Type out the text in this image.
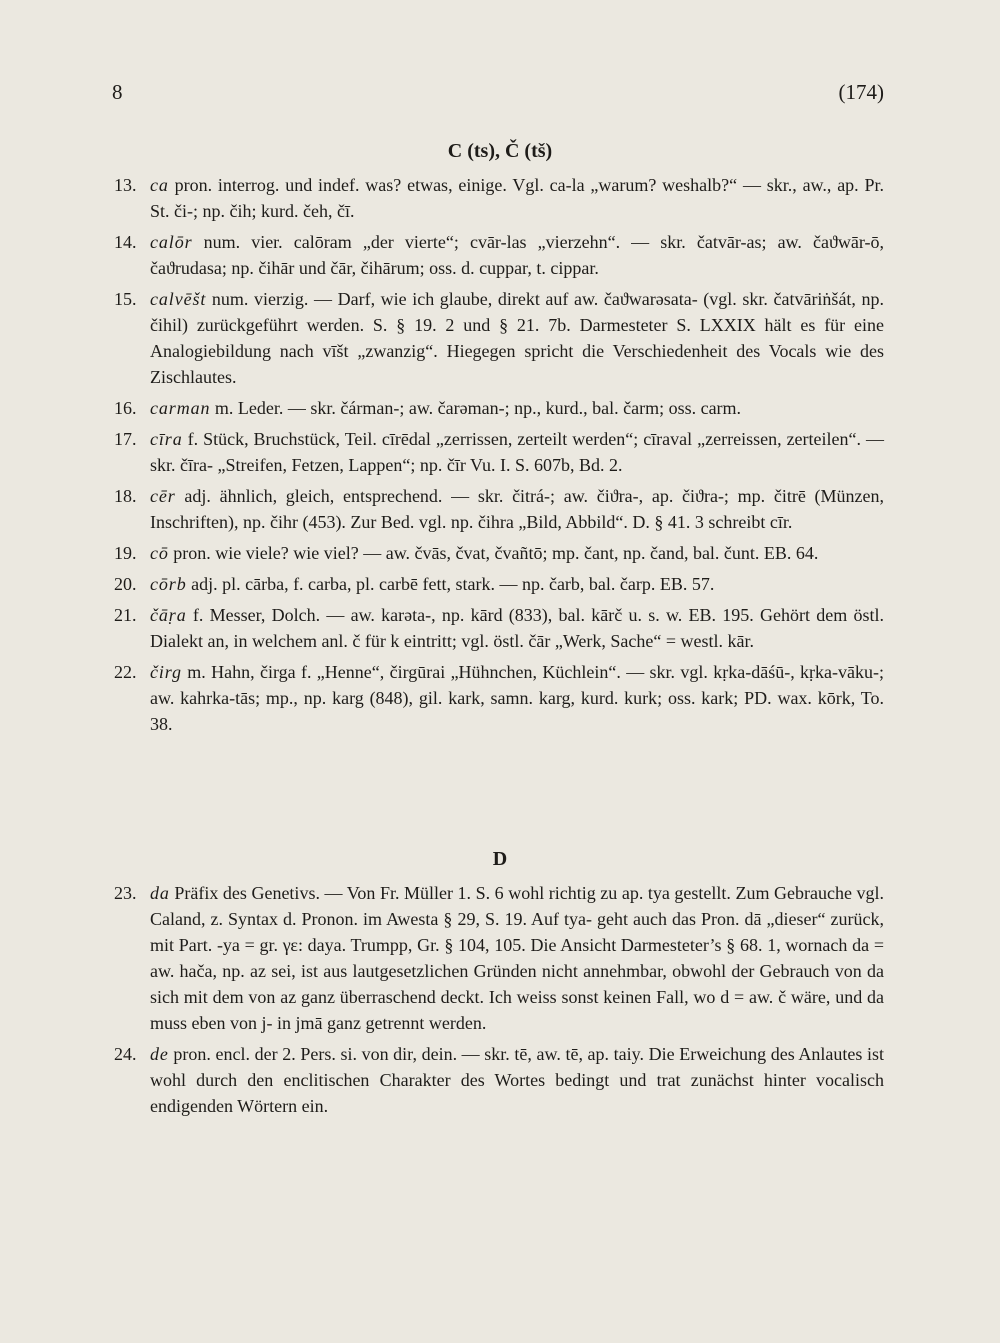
8	(174)
C (ts), Č (tš)
13. ca pron. interrog. und indef. was? etwas, einige. Vgl. ca-la „warum? weshalb?“ — skr., aw., ap. Pr. St. či-; np. čih; kurd. čeh, čī.
14. calōr num. vier. calōram „der vierte“; cvār-las „vierzehn“. — skr. čatvār-as; aw. čaϑwār-ō, čaϑrudasa; np. čihār und čār, čihārum; oss. d. cuppar, t. cippar.
15. calvēšt num. vierzig. — Darf, wie ich glaube, direkt auf aw. čaϑwarəsata- (vgl. skr. čatvāriṅšát, np. čihil) zurückgeführt werden. S. § 19. 2 und § 21. 7b. Darmesteter S. LXXIX hält es für eine Analogiebildung nach vīšt „zwanzig“. Hiegegen spricht die Verschiedenheit des Vocals wie des Zischlautes.
16. carman m. Leder. — skr. čárman-; aw. čarəman-; np., kurd., bal. čarm; oss. carm.
17. cīra f. Stück, Bruchstück, Teil. cīrēdal „zerrissen, zerteilt werden“; cīraval „zerreissen, zerteilen“. — skr. čīra- „Streifen, Fetzen, Lappen“; np. čīr Vu. I. S. 607b, Bd. 2.
18. cēr adj. ähnlich, gleich, entsprechend. — skr. čitrá-; aw. čiϑra-, ap. čiϑra-; mp. čitrē (Münzen, Inschriften), np. čihr (453). Zur Bed. vgl. np. čihra „Bild, Abbild“. D. § 41. 3 schreibt cīr.
19. cō pron. wie viele? wie viel? — aw. čvās, čvat, čvañtō; mp. čant, np. čand, bal. čunt. EB. 64.
20. cōrb adj. pl. cārba, f. carba, pl. carbē fett, stark. — np. čarb, bal. čarp. EB. 57.
21. čāṛa f. Messer, Dolch. — aw. karəta-, np. kārd (833), bal. kārč u. s. w. EB. 195. Gehört dem östl. Dialekt an, in welchem anl. č für k eintritt; vgl. östl. čār „Werk, Sache“ = westl. kār.
22. čirg m. Hahn, čirga f. „Henne“, čirgūrai „Hühnchen, Küchlein“. — skr. vgl. kṛka-dāśū-, kṛka-vāku-; aw. kahrka-tās; mp., np. karg (848), gil. kark, samn. karg, kurd. kurk; oss. kark; PD. wax. kōrk, To. 38.
D
23. da Präfix des Genetivs. — Von Fr. Müller 1. S. 6 wohl richtig zu ap. tya gestellt. Zum Gebrauche vgl. Caland, z. Syntax d. Pronon. im Awesta § 29, S. 19. Auf tya- geht auch das Pron. dā „dieser“ zurück, mit Part. -ya = gr. γε: daya. Trumpp, Gr. § 104, 105. Die Ansicht Darmesteter’s § 68. 1, wornach da = aw. hača, np. az sei, ist aus lautgesetzlichen Gründen nicht annehmbar, obwohl der Gebrauch von da sich mit dem von az ganz überraschend deckt. Ich weiss sonst keinen Fall, wo d = aw. č wäre, und da muss eben von j- in jmā ganz getrennt werden.
24. de pron. encl. der 2. Pers. si. von dir, dein. — skr. tē, aw. tē, ap. taiy. Die Erweichung des Anlautes ist wohl durch den enclitischen Charakter des Wortes bedingt und trat zunächst hinter vocalisch endigenden Wörtern ein.
